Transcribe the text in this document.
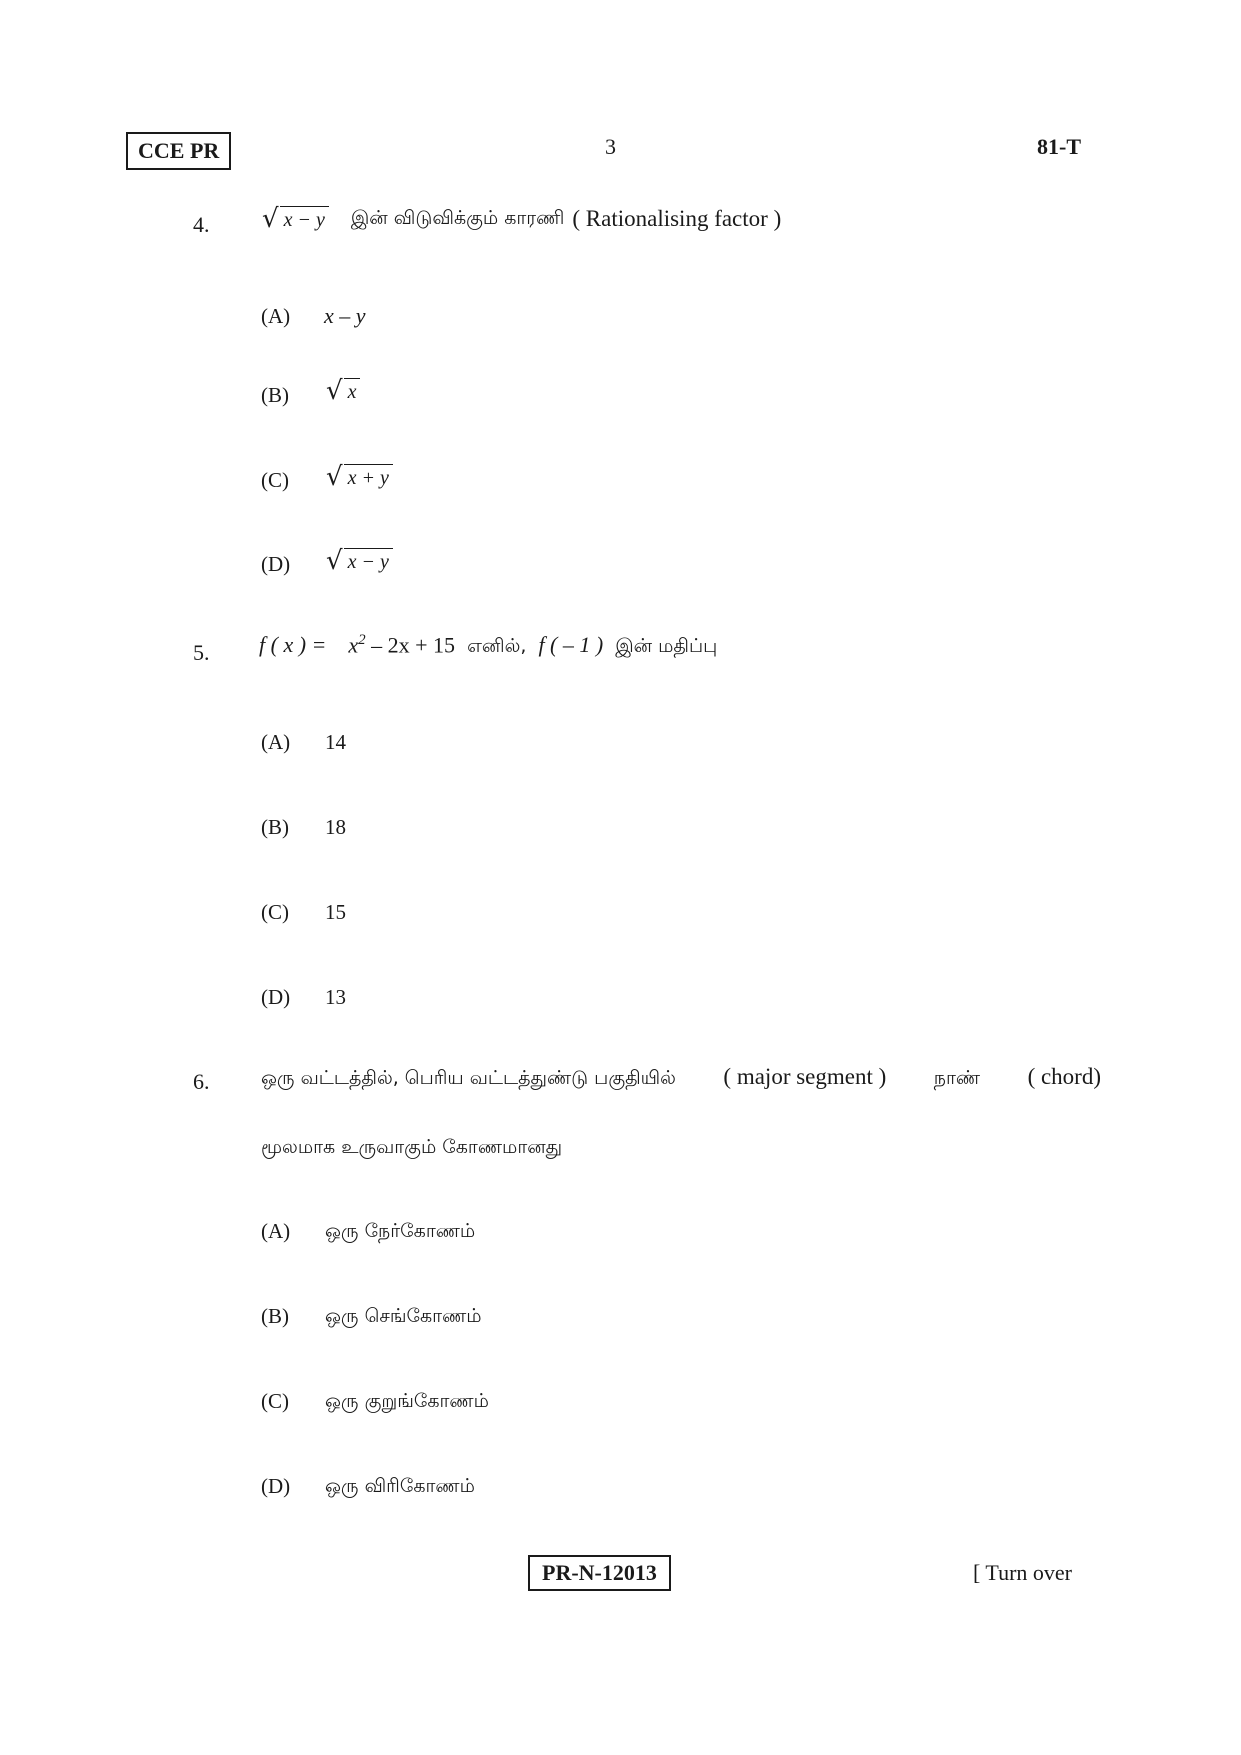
CCE PR	3	81-T
4. √ x − y இன் விடுவிக்கும் காரணி ( Rationalising factor )
(A) x – y
(B) √ x
(C) √ x + y
(D) √ x − y
5. f ( x ) = $x^2 - 2x + 15$ எனில், f ( – 1 ) இன் மதிப்பு
(A) 14
(B) 18
(C) 15
(D) 13
6.	ஒரு வட்டத்தில், பெரிய வட்டத்துண்டு பகுதியில் ( major segment ) நாண் ( chord)
மூலமாக உருவாகும் கோணமானது
(A) ஒரு நேர்கோணம்
(B) ஒரு செங்கோணம்
(C) ஒரு குறுங்கோணம்
(D) ஒரு விரிகோணம்
PR-N-12013	[ Turn over
